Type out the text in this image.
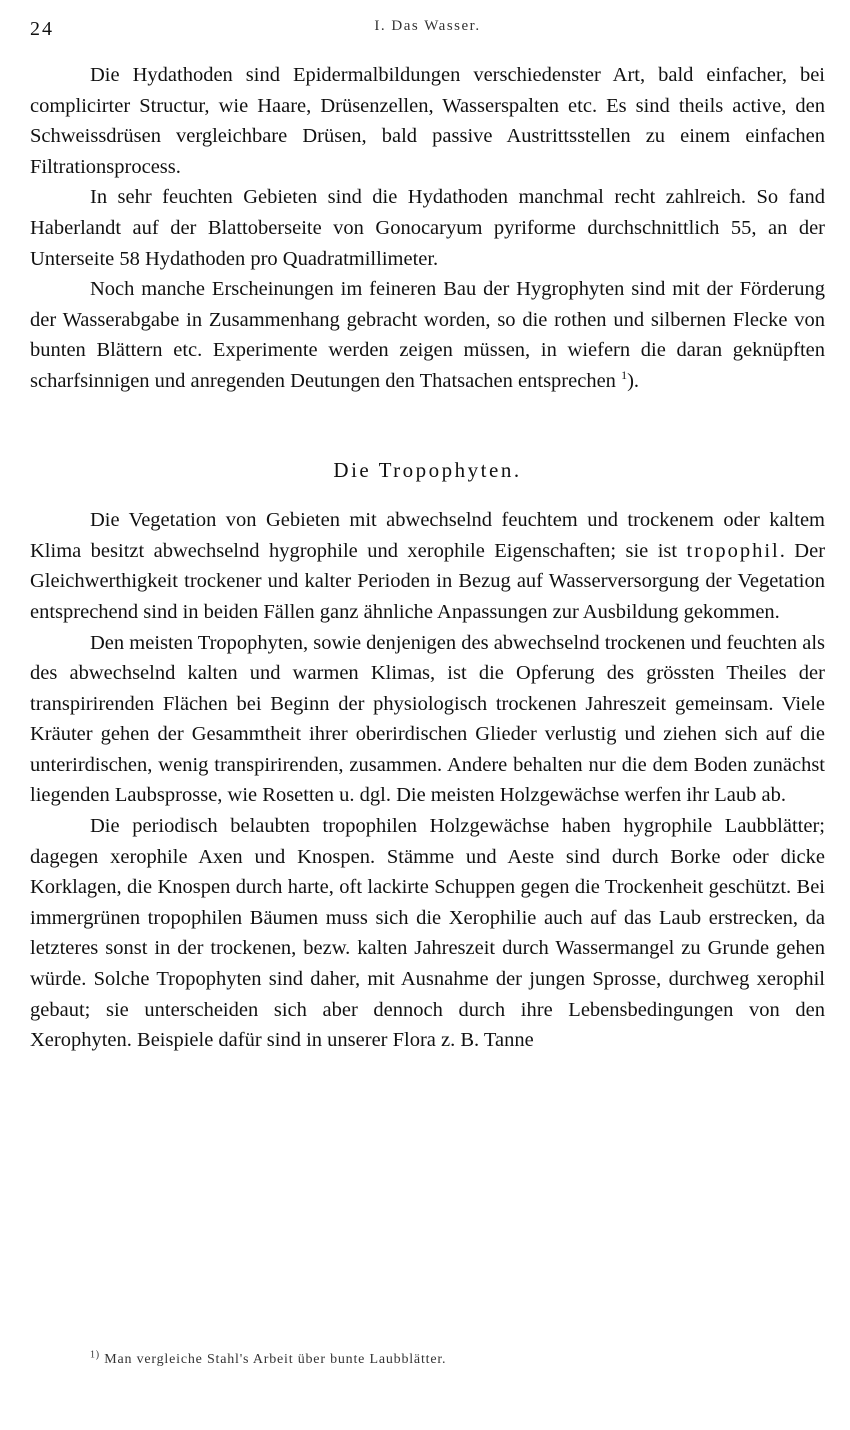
24	I. Das Wasser.

Die Hydathoden sind Epidermalbildungen verschiedenster Art, bald einfacher, bei complicirter Structur, wie Haare, Drüsenzellen, Wasserspalten etc. Es sind theils active, den Schweissdrüsen vergleichbare Drüsen, bald passive Austrittsstellen zu einem einfachen Filtrationsprocess.

In sehr feuchten Gebieten sind die Hydathoden manchmal recht zahlreich. So fand Haberlandt auf der Blattoberseite von Gonocaryum pyriforme durchschnittlich 55, an der Unterseite 58 Hydathoden pro Quadratmillimeter.

Noch manche Erscheinungen im feineren Bau der Hygrophyten sind mit der Förderung der Wasserabgabe in Zusammenhang gebracht worden, so die rothen und silbernen Flecke von bunten Blättern etc. Experimente werden zeigen müssen, in wiefern die daran geknüpften scharfsinnigen und anregenden Deutungen den Thatsachen entsprechen $^1$).

Die Tropophyten.

Die Vegetation von Gebieten mit abwechselnd feuchtem und trockenem oder kaltem Klima besitzt abwechselnd hygrophile und xerophile Eigenschaften; sie ist tropophil. Der Gleichwerthigkeit trockener und kalter Perioden in Bezug auf Wasserversorgung der Vegetation entsprechend sind in beiden Fällen ganz ähnliche Anpassungen zur Ausbildung gekommen.

Den meisten Tropophyten, sowie denjenigen des abwechselnd trockenen und feuchten als des abwechselnd kalten und warmen Klimas, ist die Opferung des grössten Theiles der transpirirenden Flächen bei Beginn der physiologisch trockenen Jahreszeit gemeinsam. Viele Kräuter gehen der Gesammtheit ihrer oberirdischen Glieder verlustig und ziehen sich auf die unterirdischen, wenig transpirirenden, zusammen. Andere behalten nur die dem Boden zunächst liegenden Laubsprosse, wie Rosetten u. dgl. Die meisten Holzgewächse werfen ihr Laub ab.

Die periodisch belaubten tropophilen Holzgewächse haben hygrophile Laubblätter; dagegen xerophile Axen und Knospen. Stämme und Aeste sind durch Borke oder dicke Korklagen, die Knospen durch harte, oft lackirte Schuppen gegen die Trockenheit geschützt. Bei immergrünen tropophilen Bäumen muss sich die Xerophilie auch auf das Laub erstrecken, da letzteres sonst in der trockenen, bezw. kalten Jahreszeit durch Wassermangel zu Grunde gehen würde. Solche Tropophyten sind daher, mit Ausnahme der jungen Sprosse, durchweg xerophil gebaut; sie unterscheiden sich aber dennoch durch ihre Lebensbedingungen von den Xerophyten. Beispiele dafür sind in unserer Flora z. B. Tanne

$^{1)}$ Man vergleiche Stahl's Arbeit über bunte Laubblätter.
